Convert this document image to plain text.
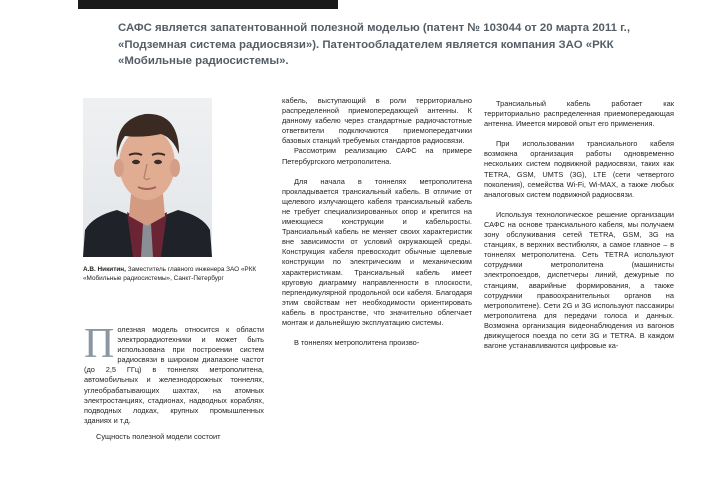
САФС является запатентованной полезной моделью (патент № 103044 от 20 марта 2011 г., «Подземная система радиосвязи»). Патентообладателем является компания ЗАО «РКК «Мобильные радиосистемы».
А.В. Никитин, Заместитель главного инженера ЗАО «РКК «Мобильные радиосистемы», Санкт-Петербург

Полезная модель относится к области электрорадиотехники и может быть использована при построении систем радиосвязи в широком диапазоне частот (до 2,5 ГГц) в тоннелях метрополитена, автомобильных и железнодорожных тоннелях, углеобрабатывающих шахтах, на атомных электростанциях, стадионах, надводных кораблях, подводных лодках, крупных промышленных зданиях и т.д.

Сущность полезной модели состоит

кабель, выступающий в роли территориально распределенной приемопередающей антенны. К данному кабелю через стандартные радиочастотные ответвители подключаются приемопередатчики базовых станций требуемых стандартов радиосвязи.

Рассмотрим реализацию САФС на примере Петербургского метрополитена.

Для начала в тоннелях метрополитена прокладывается трансиальный кабель. В отличие от щелевого излучающего кабеля трансиальный кабель не требует специализированных опор и крепится на имеющиеся конструкции и кабельросты. Трансиальный кабель не меняет своих характеристик вне зависимости от условий окружающей среды. Конструкция кабеля превосходит обычные щелевые конструкции по электрическим и механическим характеристикам. Трансиальный кабель имеет круговую диаграмму направленности в плоскости, перпендикулярной продольной оси кабеля. Благодаря этим свойствам нет необходимости ориентировать кабель в пространстве, что значительно облегчает монтаж и дальнейшую эксплуатацию системы.

В тоннелях метрополитена произво-

Трансиальный кабель работает как территориально распределенная приемопередающая антенна. Имеется мировой опыт его применения.

При использовании трансиального кабеля возможна организация работы одновременно нескольких систем подвижной радиосвязи, таких как TETRA, GSM, UMTS (3G), LTE (сети четвертого поколения), семейства Wi-Fi, Wi-MAX, а также любых аналоговых систем подвижной радиосвязи.

Используя технологическое решение организации САФС на основе трансиального кабеля, мы получаем зону обслуживания сетей TETRA, GSM, 3G на станциях, в верхних вестибюлях, а самое главное – в тоннелях метрополитена. Сеть TETRA используют сотрудники метрополитена (машинисты электропоездов, диспетчеры линий, дежурные по станциям, аварийные формирования, а также сотрудники правоохранительных органов на метрополитене). Сети 2G и 3G используют пассажиры метрополитена для передачи голоса и данных. Возможна организация видеонаблюдения из вагонов движущегося поезда по сети 3G и TETRA. В каждом вагоне устанавливаются цифровые ка-
